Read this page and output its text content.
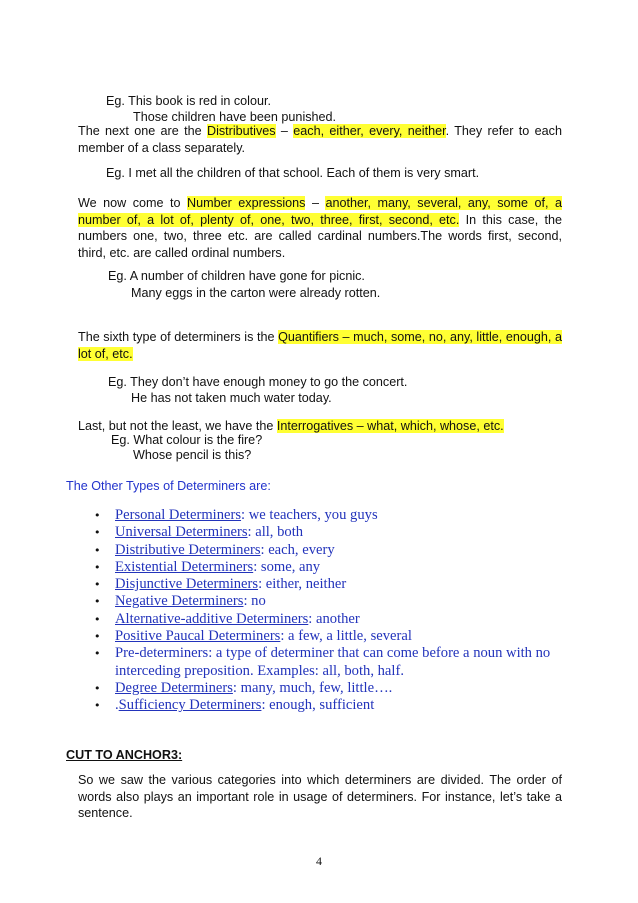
Eg. This book is red in colour.
Those children have been punished.
The next one are the Distributives – each, either, every, neither. They refer to each member of a class separately.
Eg. I met all the children of that school. Each of them is very smart.
We now come to Number expressions – another, many, several, any, some of, a number of, a lot of, plenty of, one, two, three, first, second, etc. In this case, the numbers one, two, three etc. are called cardinal numbers.The words first, second, third, etc. are called ordinal numbers.
Eg. A number of children have gone for picnic.
Many eggs in the carton were already rotten.
The sixth type of determiners is the Quantifiers – much, some, no, any, little, enough, a lot of, etc.
Eg. They don’t have enough money to go the concert.
He has not taken much water today.
Last, but not the least, we have the Interrogatives – what, which, whose, etc.
Eg. What colour is the fire?
Whose pencil is this?
The Other Types of Determiners are:
• Personal Determiners: we teachers, you guys
• Universal Determiners: all, both
• Distributive Determiners: each, every
• Existential Determiners: some, any
• Disjunctive Determiners: either, neither
• Negative Determiners: no
• Alternative-additive Determiners: another
• Positive Paucal Determiners: a few, a little, several
• Pre-determiners: a type of determiner that can come before a noun with no interceding preposition. Examples: all, both, half.
• Degree Determiners: many, much, few, little….
• .Sufficiency Determiners: enough, sufficient
CUT TO ANCHOR3:
So we saw the various categories into which determiners are divided. The order of words also plays an important role in usage of determiners. For instance, let’s take a sentence.
4
